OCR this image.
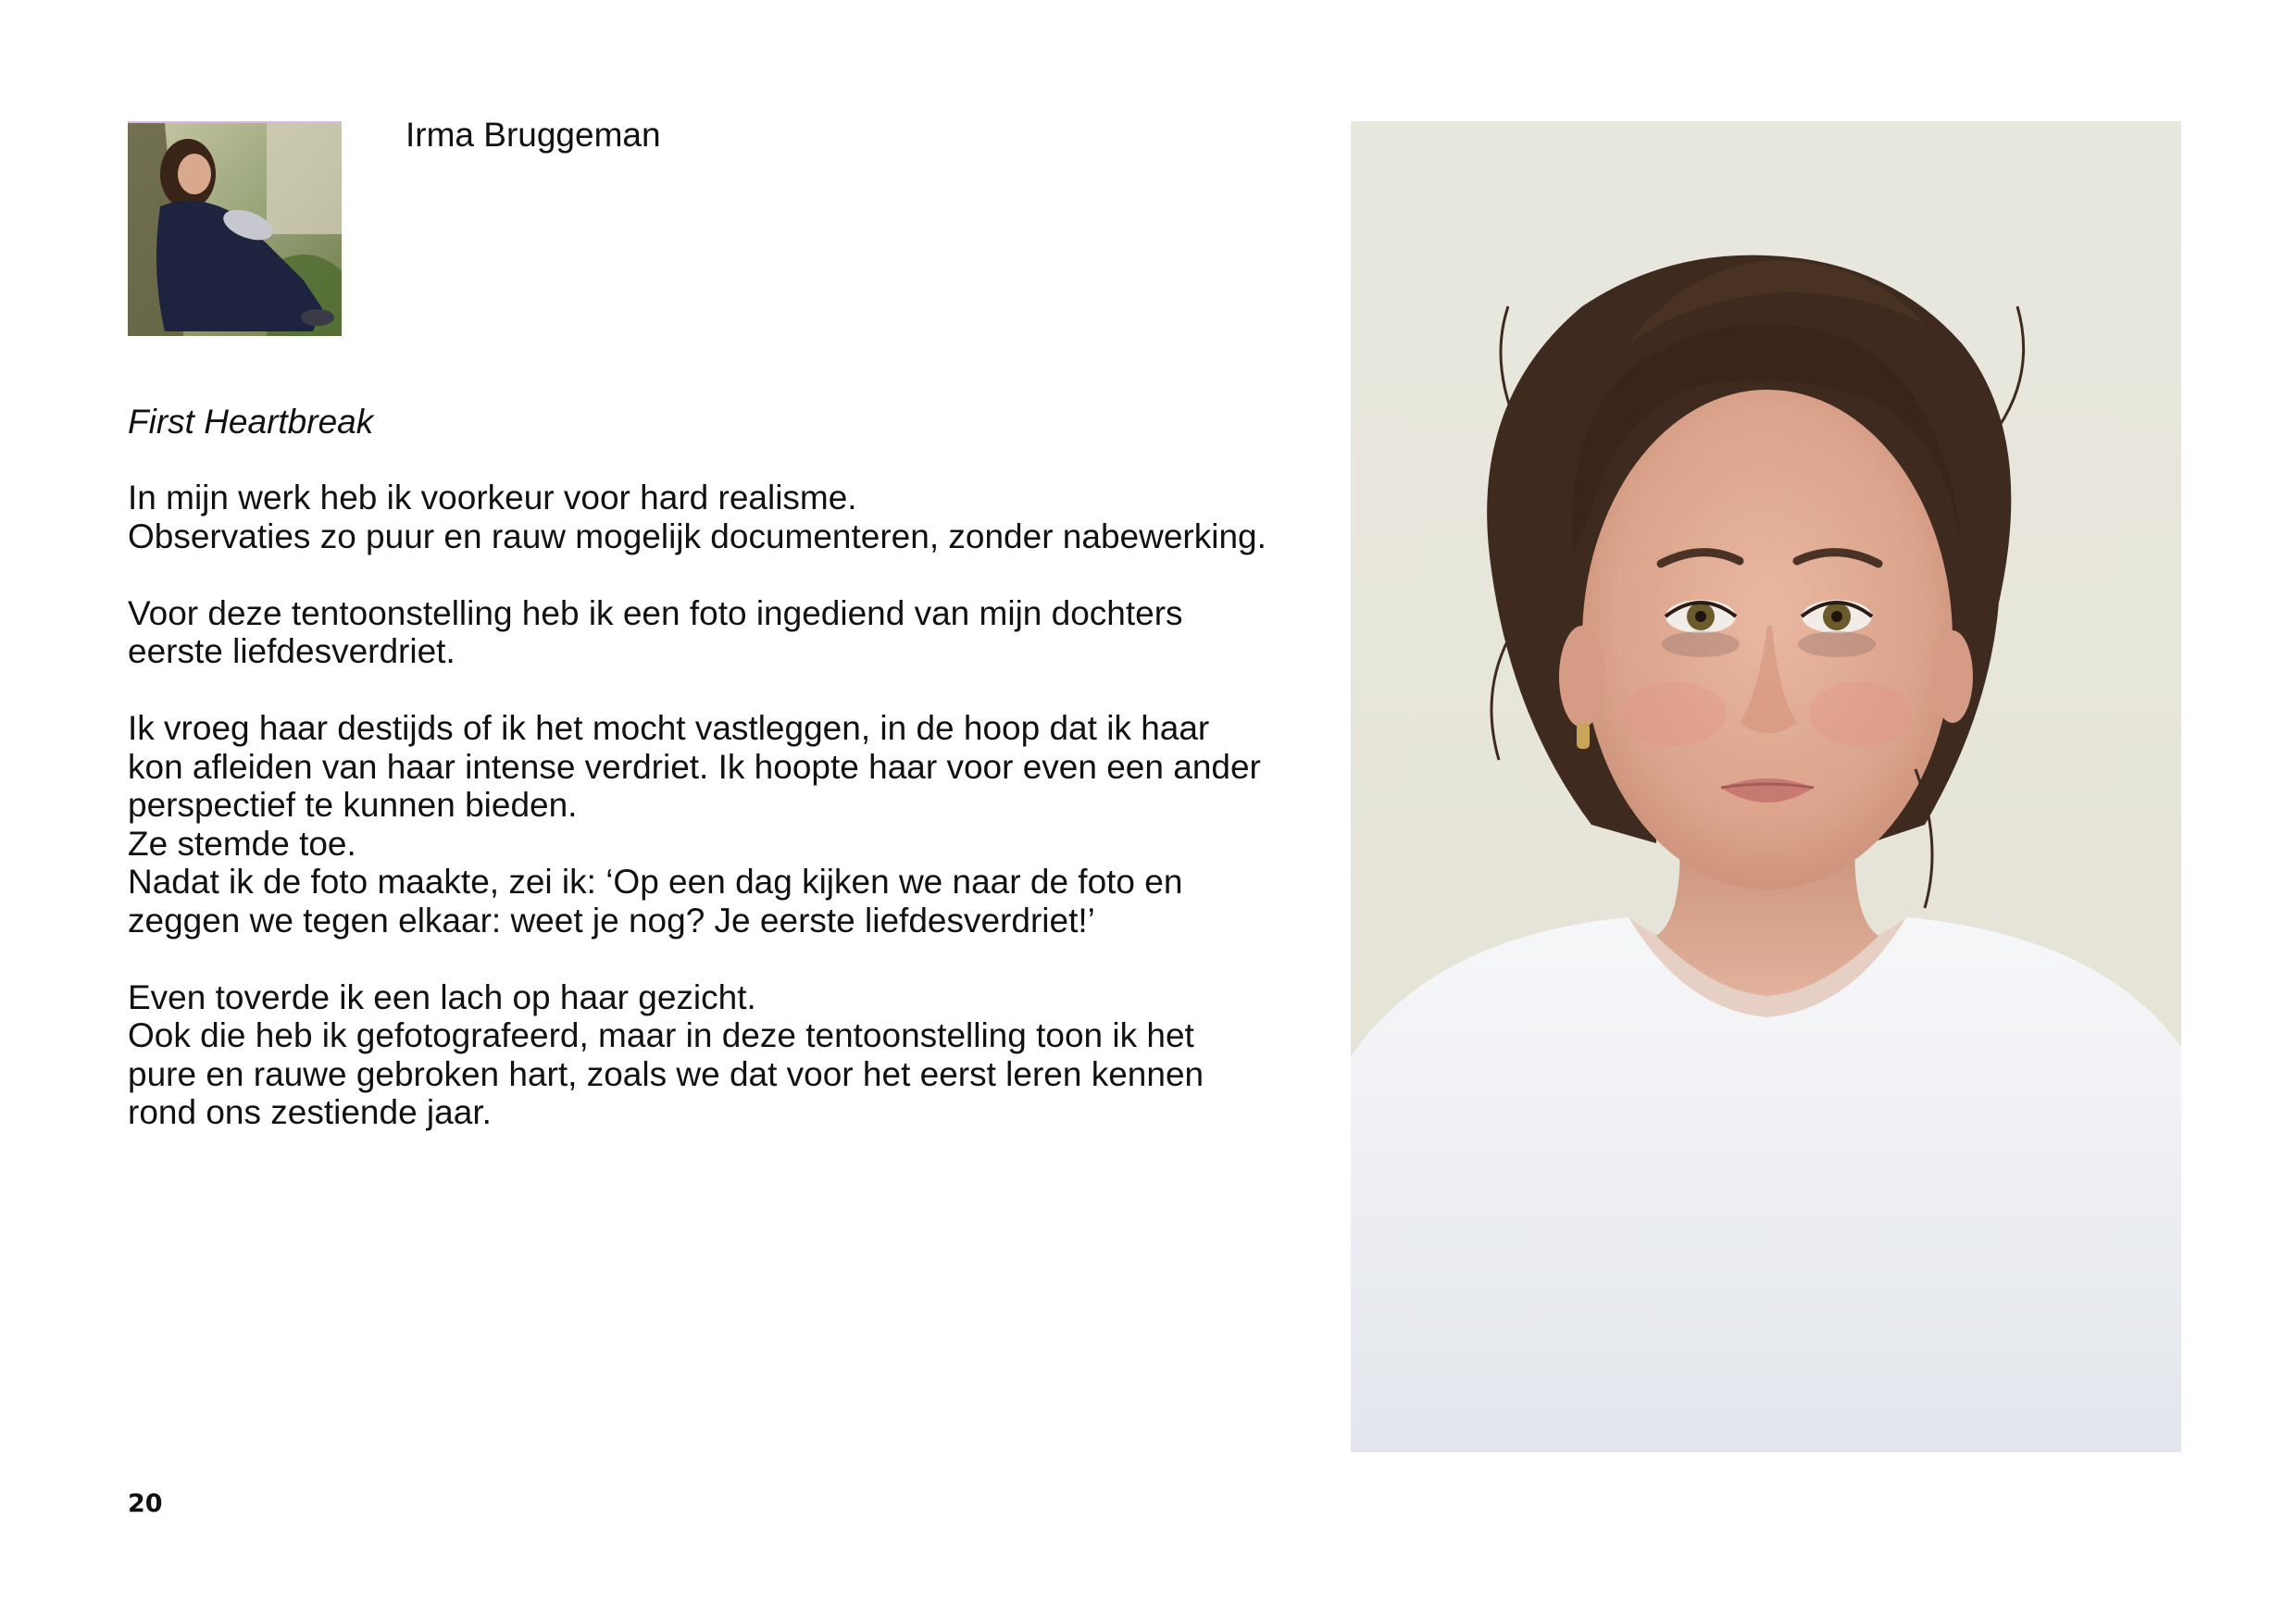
Irma Bruggeman
First Heartbreak

In mijn werk heb ik voorkeur voor hard realisme.
Observaties zo puur en rauw mogelijk documenteren, zonder nabewerking.

Voor deze tentoonstelling heb ik een foto ingediend van mijn dochters
eerste liefdesverdriet.

Ik vroeg haar destijds of ik het mocht vastleggen, in de hoop dat ik haar
kon afleiden van haar intense verdriet. Ik hoopte haar voor even een ander
perspectief te kunnen bieden.
Ze stemde toe.
Nadat ik de foto maakte, zei ik: ‘Op een dag kijken we naar de foto en
zeggen we tegen elkaar: weet je nog? Je eerste liefdesverdriet!’

Even toverde ik een lach op haar gezicht.
Ook die heb ik gefotografeerd, maar in deze tentoonstelling toon ik het
pure en rauwe gebroken hart, zoals we dat voor het eerst leren kennen
rond ons zestiende jaar.

20
